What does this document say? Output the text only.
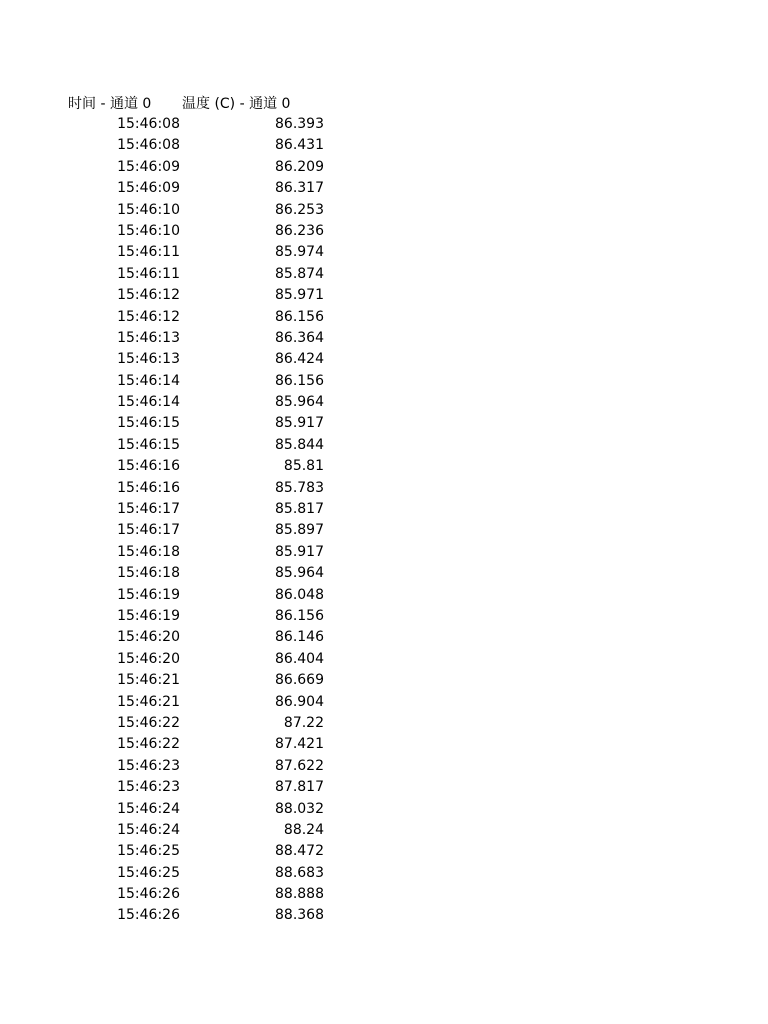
时间 - 通道 0 温度 (C) - 通道 0
15:46:08	86.393
15:46:08	86.431
15:46:09	86.209
15:46:09	86.317
15:46:10	86.253
15:46:10	86.236
15:46:11	85.974
15:46:11	85.874
15:46:12	85.971
15:46:12	86.156
15:46:13	86.364
15:46:13	86.424
15:46:14	86.156
15:46:14	85.964
15:46:15	85.917
15:46:15	85.844
15:46:16	85.81
15:46:16	85.783
15:46:17	85.817
15:46:17	85.897
15:46:18	85.917
15:46:18	85.964
15:46:19	86.048
15:46:19	86.156
15:46:20	86.146
15:46:20	86.404
15:46:21	86.669
15:46:21	86.904
15:46:22	87.22
15:46:22	87.421
15:46:23	87.622
15:46:23	87.817
15:46:24	88.032
15:46:24	88.24
15:46:25	88.472
15:46:25	88.683
15:46:26	88.888
15:46:26	88.368
